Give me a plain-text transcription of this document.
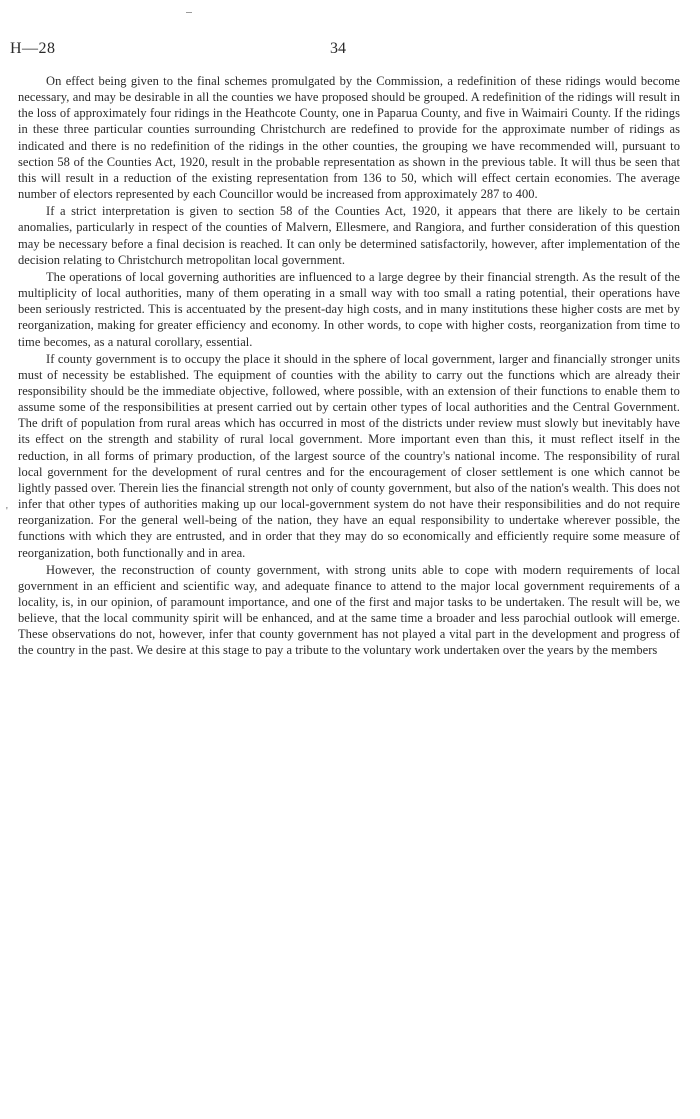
H—28	34
'

On effect being given to the final schemes promulgated by the Commission, a redefinition of these ridings would become necessary, and may be desirable in all the counties we have proposed should be grouped. A redefinition of the ridings will result in the loss of approximately four ridings in the Heathcote County, one in Paparua County, and five in Waimairi County. If the ridings in these three particular counties surrounding Christchurch are redefined to provide for the approximate number of ridings as indicated and there is no redefinition of the ridings in the other counties, the grouping we have recommended will, pursuant to section 58 of the Counties Act, 1920, result in the probable representation as shown in the previous table. It will thus be seen that this will result in a reduction of the existing representation from 136 to 50, which will effect certain economies. The average number of electors represented by each Councillor would be increased from approximately 287 to 400.

If a strict interpretation is given to section 58 of the Counties Act, 1920, it appears that there are likely to be certain anomalies, particularly in respect of the counties of Malvern, Ellesmere, and Rangiora, and further consideration of this question may be necessary before a final decision is reached. It can only be determined satisfactorily, however, after implementation of the decision relating to Christchurch metropolitan local government.

The operations of local governing authorities are influenced to a large degree by their financial strength. As the result of the multiplicity of local authorities, many of them operating in a small way with too small a rating potential, their operations have been seriously restricted. This is accentuated by the present-day high costs, and in many institutions these higher costs are met by reorganization, making for greater efficiency and economy. In other words, to cope with higher costs, reorganization from time to time becomes, as a natural corollary, essential.

If county government is to occupy the place it should in the sphere of local government, larger and financially stronger units must of necessity be established. The equipment of counties with the ability to carry out the functions which are already their responsibility should be the immediate objective, followed, where possible, with an extension of their functions to enable them to assume some of the responsibilities at present carried out by certain other types of local authorities and the Central Government. The drift of population from rural areas which has occurred in most of the districts under review must slowly but inevitably have its effect on the strength and stability of rural local government. More important even than this, it must reflect itself in the reduction, in all forms of primary production, of the largest source of the country's national income. The responsibility of rural local government for the development of rural centres and for the encouragement of closer settlement is one which cannot be lightly passed over. Therein lies the financial strength not only of county government, but also of the nation's wealth. This does not infer that other types of authorities making up our local-government system do not have their responsibilities and do not require reorganization. For the general well-being of the nation, they have an equal responsibility to undertake wherever possible, the functions with which they are entrusted, and in order that they may do so economically and efficiently require some measure of reorganization, both functionally and in area.

However, the reconstruction of county government, with strong units able to cope with modern requirements of local government in an efficient and scientific way, and adequate finance to attend to the major local government requirements of a locality, is, in our opinion, of paramount importance, and one of the first and major tasks to be undertaken. The result will be, we believe, that the local community spirit will be enhanced, and at the same time a broader and less parochial outlook will emerge. These observations do not, however, infer that county government has not played a vital part in the development and progress of the country in the past. We desire at this stage to pay a tribute to the voluntary work undertaken over the years by the members
